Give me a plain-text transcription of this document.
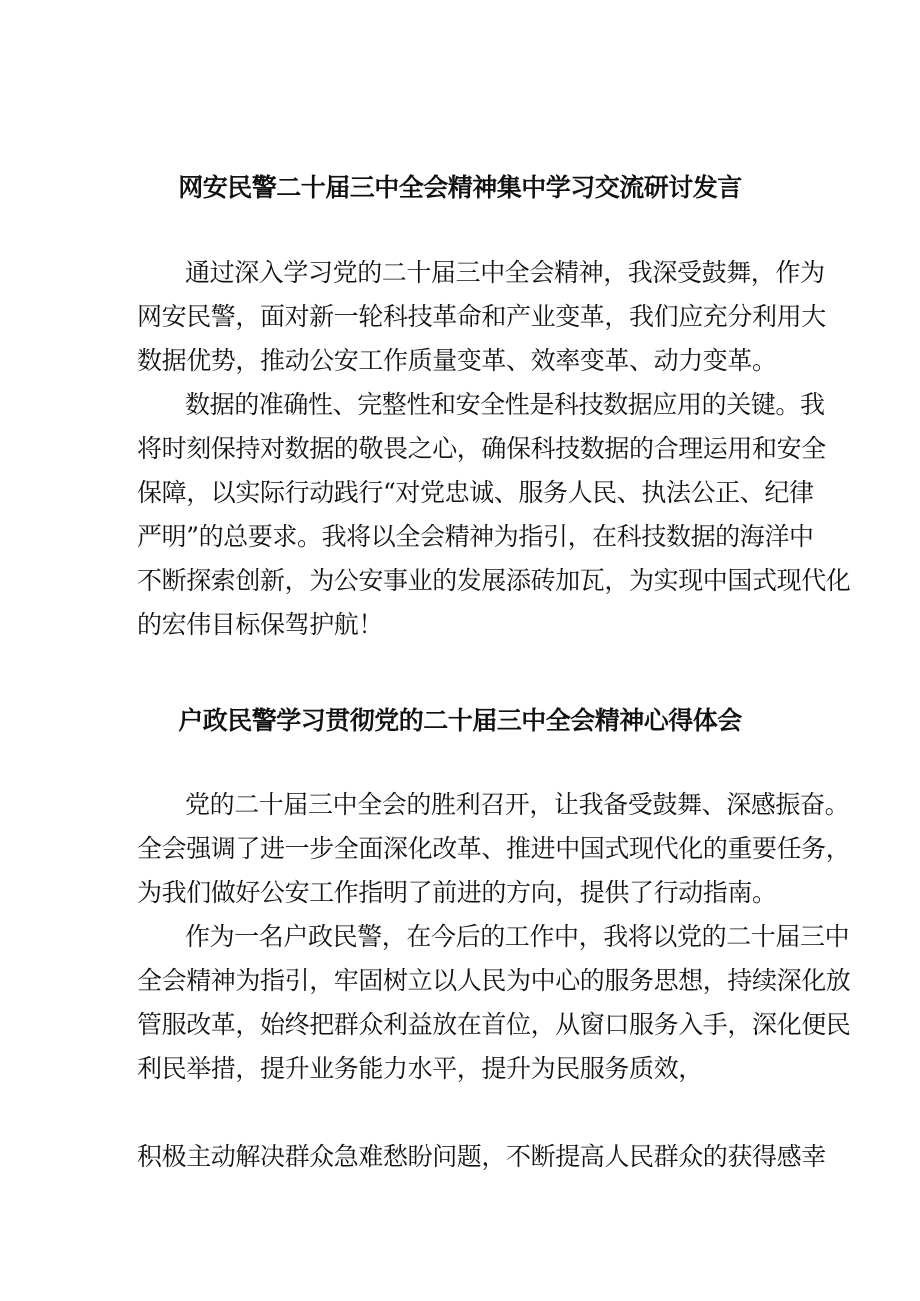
网安民警二十届三中全会精神集中学习交流研讨发言

通过深入学习党的二十届三中全会精神，我深受鼓舞，作为

网安民警，面对新一轮科技革命和产业变革，我们应充分利用大

数据优势，推动公安工作质量变革、效率变革、动力变革。

数据的准确性、完整性和安全性是科技数据应用的关键。我

将时刻保持对数据的敬畏之心，确保科技数据的合理运用和安全

保障，以实际行动践行“对党忠诚、服务人民、执法公正、纪律

严明”的总要求。我将以全会精神为指引，在科技数据的海洋中

不断探索创新，为公安事业的发展添砖加瓦，为实现中国式现代化

的宏伟目标保驾护航！

户政民警学习贯彻党的二十届三中全会精神心得体会

党的二十届三中全会的胜利召开，让我备受鼓舞、深感振奋。

全会强调了进一步全面深化改革、推进中国式现代化的重要任务，

为我们做好公安工作指明了前进的方向，提供了行动指南。

作为一名户政民警，在今后的工作中，我将以党的二十届三中

全会精神为指引，牢固树立以人民为中心的服务思想，持续深化放

管服改革，始终把群众利益放在首位，从窗口服务入手，深化便民

利民举措，提升业务能力水平，提升为民服务质效，

积极主动解决群众急难愁盼问题，不断提高人民群众的获得感幸
